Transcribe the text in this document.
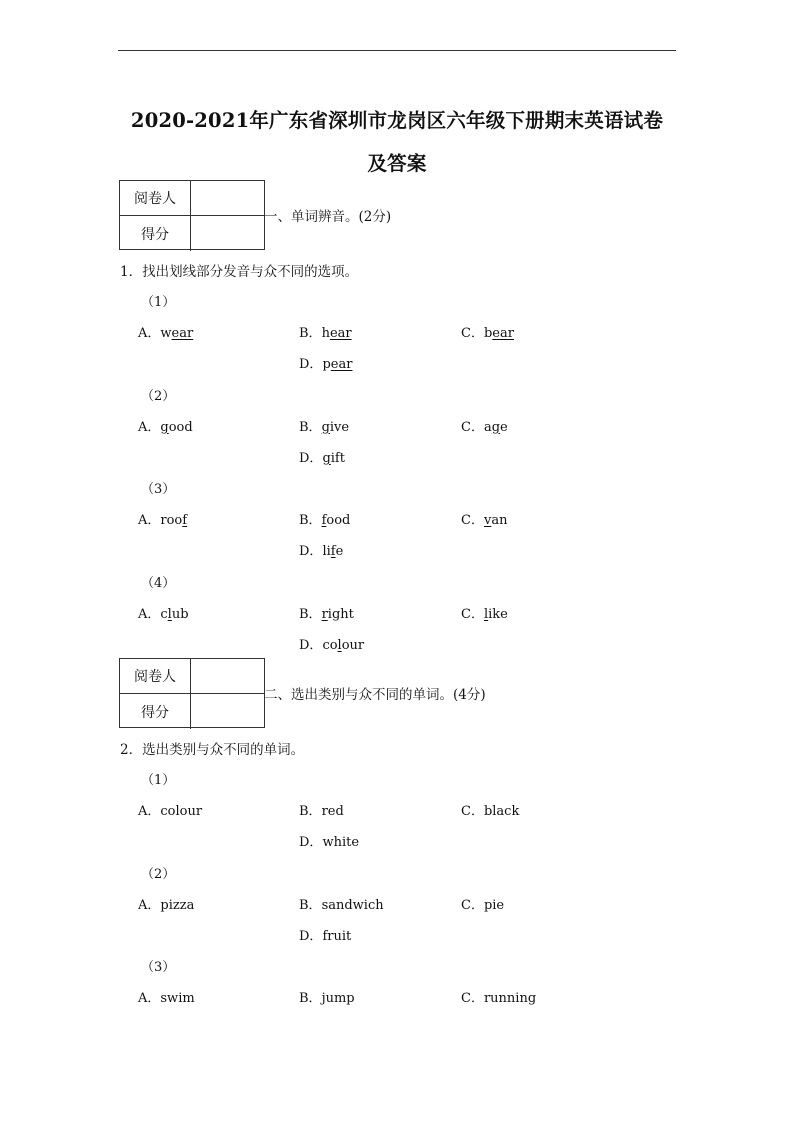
2020-2021年广东省深圳市龙岗区六年级下册期末英语试卷
及答案
阅卷人
得分
一、单词辨音。(2分)
1．找出划线部分发音与众不同的选项。
（1）
A．wear	B．hear	C．bear
D．pear
（2）
A．good	B．give	C．age
D．gift
（3）
A．roof	B．food	C．van
D．life
（4）
A．club	B．right	C．like
D．colour
阅卷人
得分
二、选出类别与众不同的单词。(4分)
2．选出类别与众不同的单词。
（1）
A．colour	B．red	C．black
D．white
（2）
A．pizza	B．sandwich	C．pie
D．fruit
（3）
A．swim	B．jump	C．running
